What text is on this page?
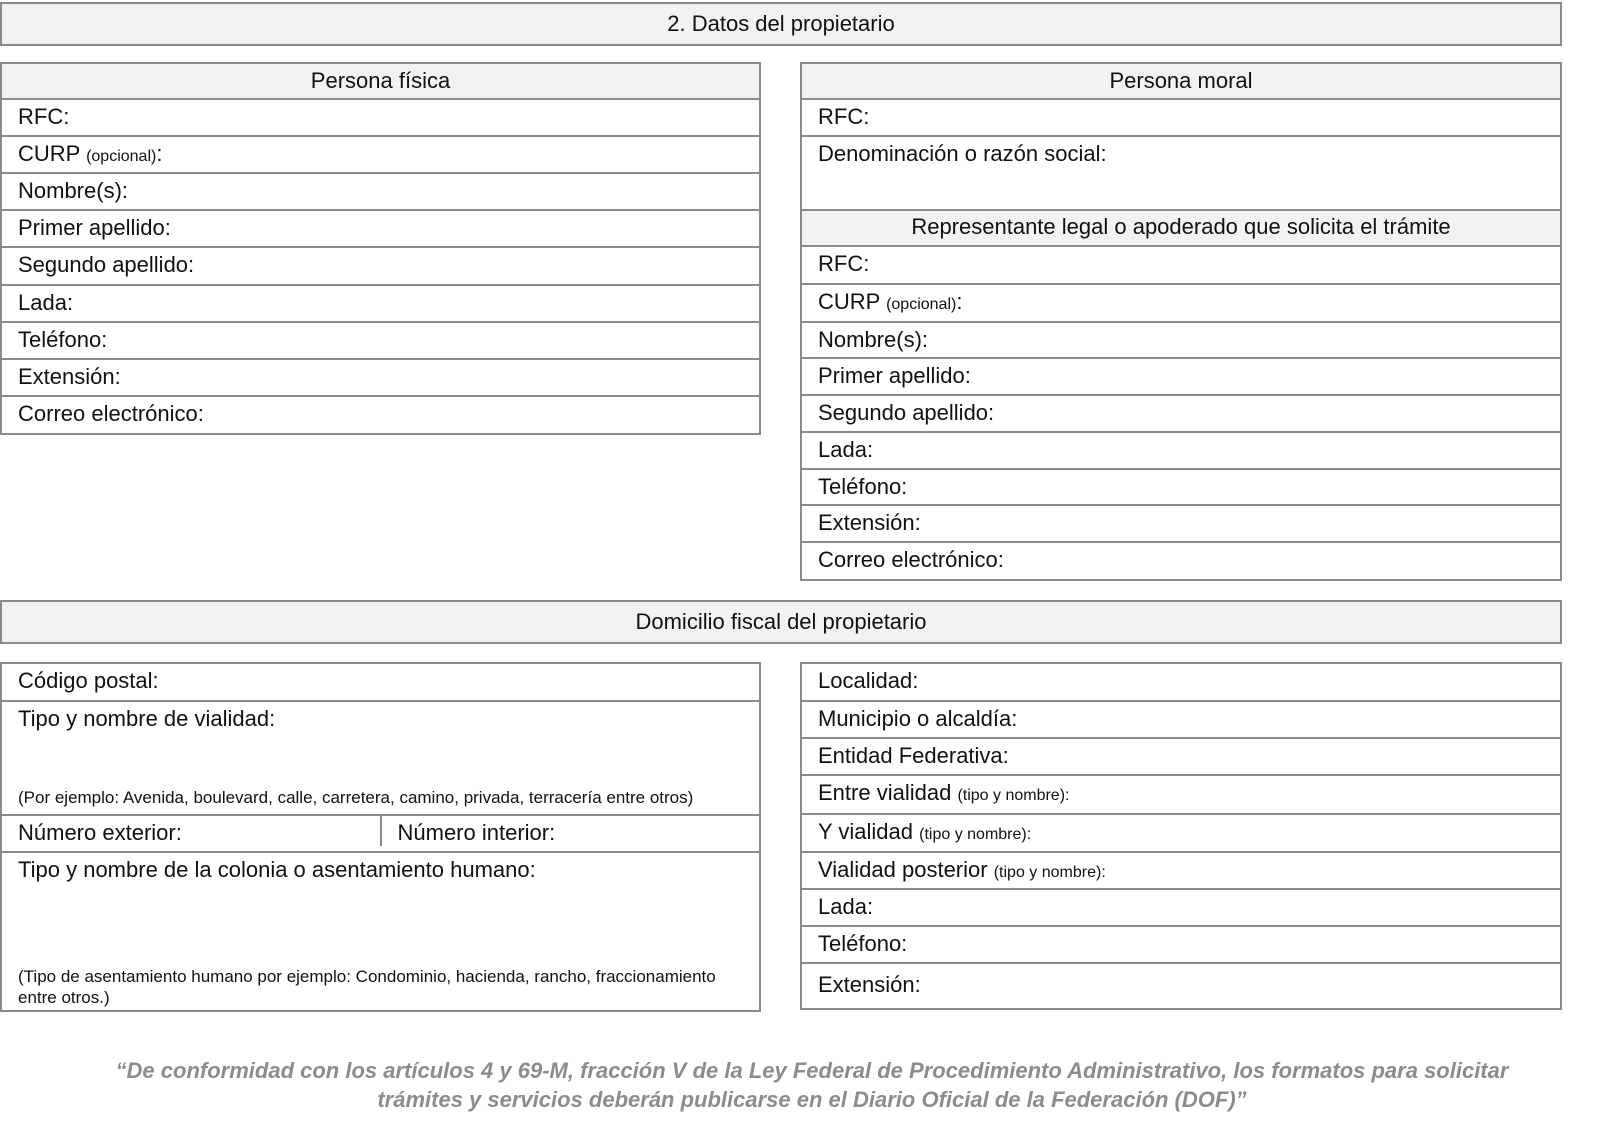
2. Datos del propietario
Persona física
RFC:
CURP (opcional):
Nombre(s):
Primer apellido:
Segundo apellido:
Lada:
Teléfono:
Extensión:
Correo electrónico:
Persona moral
RFC:
Denominación o razón social:
Representante legal o apoderado que solicita el trámite
RFC:
CURP (opcional):
Nombre(s):
Primer apellido:
Segundo apellido:
Lada:
Teléfono:
Extensión:
Correo electrónico:
Domicilio fiscal del propietario
Código postal:
Tipo y nombre de vialidad:
(Por ejemplo: Avenida, boulevard, calle, carretera, camino, privada, terracería entre otros)
Número exterior:	Número interior:
Tipo y nombre de la colonia o asentamiento humano:
(Tipo de asentamiento humano por ejemplo: Condominio, hacienda, rancho, fraccionamiento entre otros.)
Localidad:
Municipio o alcaldía:
Entidad Federativa:
Entre vialidad (tipo y nombre):
Y vialidad (tipo y nombre):
Vialidad posterior (tipo y nombre):
Lada:
Teléfono:
Extensión:
“De conformidad con los artículos 4 y 69-M, fracción V de la Ley Federal de Procedimiento Administrativo, los formatos para solicitar
trámites y servicios deberán publicarse en el Diario Oficial de la Federación (DOF)”
